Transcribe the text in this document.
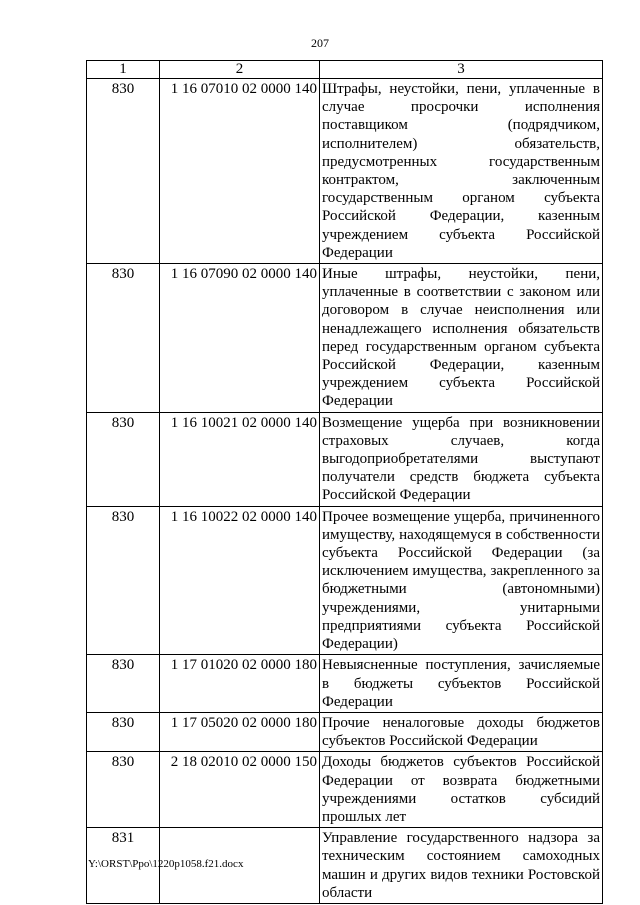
207
1	2	3
830	1 16 07010 02 0000 140	Штрафы, неустойки, пени, уплаченные в случае просрочки исполнения поставщиком (подрядчиком, исполнителем) обязательств, предусмотренных государственным контрактом, заключенным государственным органом субъекта Российской Федерации, казенным учреждением субъекта Российской Федерации
830	1 16 07090 02 0000 140	Иные штрафы, неустойки, пени, уплаченные в соответствии с законом или договором в случае неисполнения или ненадлежащего исполнения обязательств перед государственным органом субъекта Российской Федерации, казенным учреждением субъекта Российской Федерации
830	1 16 10021 02 0000 140	Возмещение ущерба при возникновении страховых случаев, когда выгодоприобретателями выступают получатели средств бюджета субъекта Российской Федерации
830	1 16 10022 02 0000 140	Прочее возмещение ущерба, причиненного имуществу, находящемуся в собственности субъекта Российской Федерации (за исключением имущества, закрепленного за бюджетными (автономными) учреждениями, унитарными предприятиями субъекта Российской Федерации)
830	1 17 01020 02 0000 180	Невыясненные поступления, зачисляемые в бюджеты субъектов Российской Федерации
830	1 17 05020 02 0000 180	Прочие неналоговые доходы бюджетов субъектов Российской Федерации
830	2 18 02010 02 0000 150	Доходы бюджетов субъектов Российской Федерации от возврата бюджетными учреждениями остатков субсидий прошлых лет
831		Управление государственного надзора за техническим состоянием самоходных машин и других видов техники Ростовской области
Y:\ORST\Ppo\1220p1058.f21.docx
